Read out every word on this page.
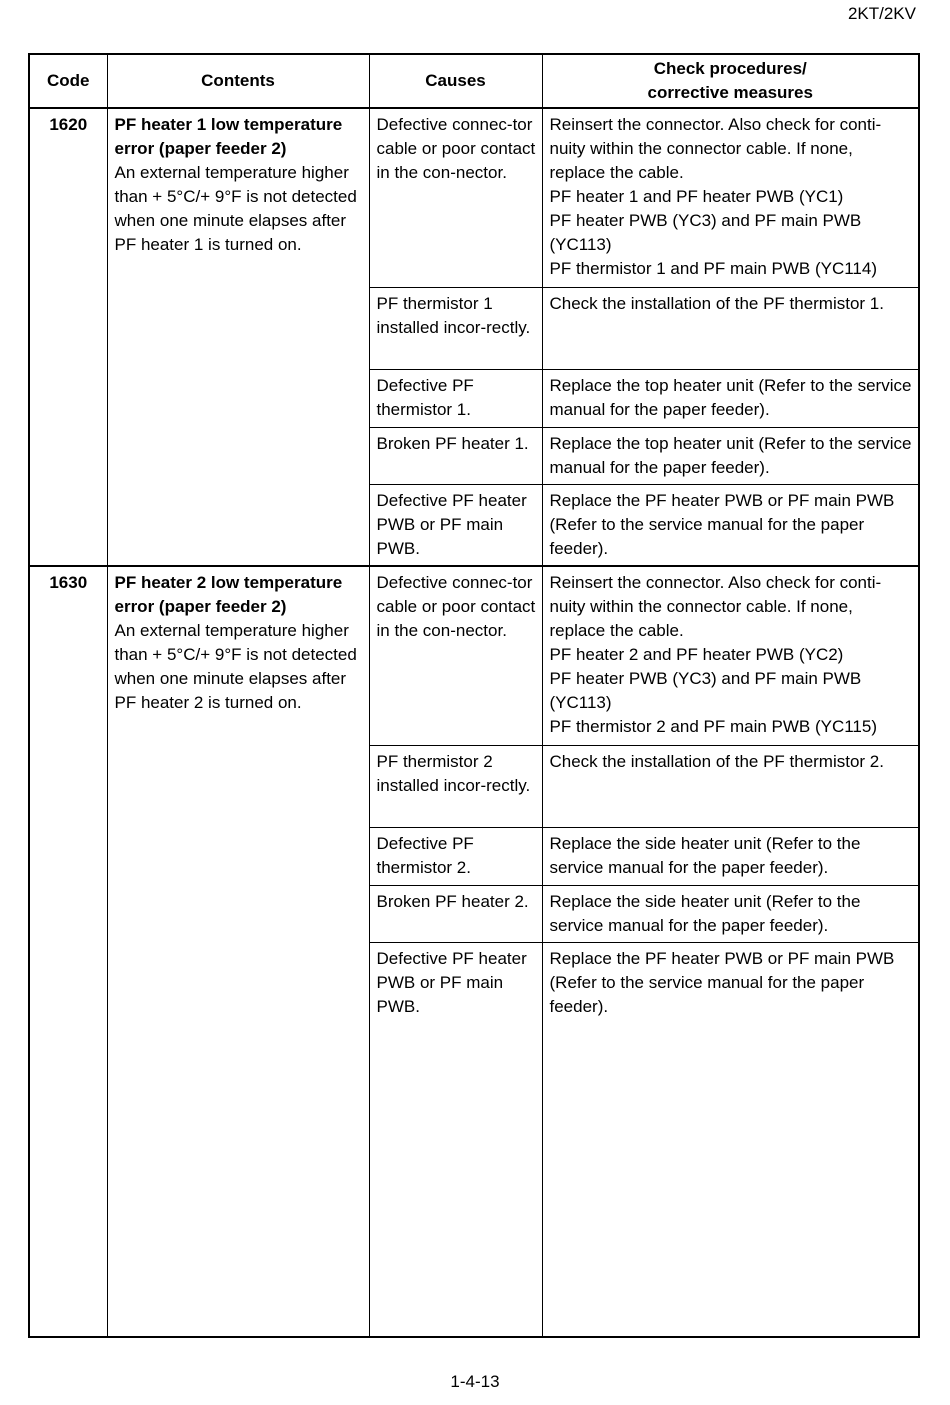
2KT/2KV
Code	Contents	Causes	Check procedures/
corrective measures

1620	PF heater 1 low temperature error (paper feeder 2)
An external temperature higher than + 5°C/+ 9°F is not detected when one minute elapses after PF heater 1 is turned on.	Defective connec-tor cable or poor contact in the con-nector.	Reinsert the connector. Also check for conti-nuity within the connector cable. If none, replace the cable.
PF heater 1 and PF heater PWB (YC1)
PF heater PWB (YC3) and PF main PWB (YC113)
PF thermistor 1 and PF main PWB (YC114)

		PF thermistor 1 installed incor-rectly.	Check the installation of the PF thermistor 1.
		Defective PF thermistor 1.	Replace the top heater unit (Refer to the service manual for the paper feeder).
		Broken PF heater 1.	Replace the top heater unit (Refer to the service manual for the paper feeder).
		Defective PF heater PWB or PF main PWB.	Replace the PF heater PWB or PF main PWB (Refer to the service manual for the paper feeder).
1630	PF heater 2 low temperature error (paper feeder 2)
An external temperature higher than + 5°C/+ 9°F is not detected when one minute elapses after PF heater 2 is turned on.	Defective connec-tor cable or poor contact in the con-nector.	Reinsert the connector. Also check for conti-nuity within the connector cable. If none, replace the cable.
PF heater 2 and PF heater PWB (YC2)
PF heater PWB (YC3) and PF main PWB (YC113)
PF thermistor 2 and PF main PWB (YC115)

		PF thermistor 2 installed incor-rectly.	Check the installation of the PF thermistor 2.
		Defective PF thermistor 2.	Replace the side heater unit (Refer to the service manual for the paper feeder).
		Broken PF heater 2.	Replace the side heater unit (Refer to the service manual for the paper feeder).
		Defective PF heater PWB or PF main PWB.	Replace the PF heater PWB or PF main PWB (Refer to the service manual for the paper feeder).
1-4-13
